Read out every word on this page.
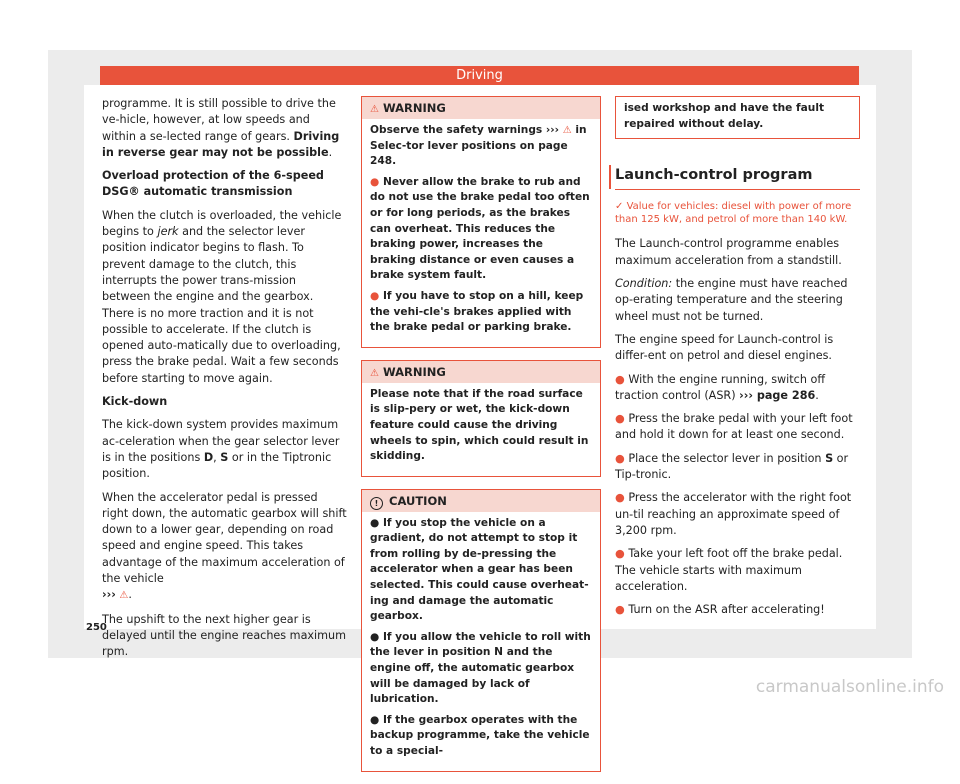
Driving

programme. It is still possible to drive the ve-hicle, however, at low speeds and within a se-lected range of gears. Driving in reverse gear may not be possible.

Overload protection of the 6-speed DSG® automatic transmission

When the clutch is overloaded, the vehicle begins to jerk and the selector lever position indicator begins to flash. To prevent damage to the clutch, this interrupts the power trans-mission between the engine and the gearbox. There is no more traction and it is not possible to accelerate. If the clutch is opened auto-matically due to overloading, press the brake pedal. Wait a few seconds before starting to move again.

Kick-down

The kick-down system provides maximum ac-celeration when the gear selector lever is in the positions D, S or in the Tiptronic position.

When the accelerator pedal is pressed right down, the automatic gearbox will shift down to a lower gear, depending on road speed and engine speed. This takes advantage of the maximum acceleration of the vehicle
››› ⚠.

The upshift to the next higher gear is delayed until the engine reaches maximum rpm.

⚠ WARNING

Observe the safety warnings ››› ⚠ in Selec-tor lever positions on page 248.

● Never allow the brake to rub and do not use the brake pedal too often or for long periods, as the brakes can overheat. This reduces the braking power, increases the braking distance or even causes a brake system fault.

● If you have to stop on a hill, keep the vehi-cle's brakes applied with the brake pedal or parking brake.

⚠ WARNING

Please note that if the road surface is slip-pery or wet, the kick-down feature could cause the driving wheels to spin, which could result in skidding.

! CAUTION

● If you stop the vehicle on a gradient, do not attempt to stop it from rolling by de-pressing the accelerator when a gear has been selected. This could cause overheat-ing and damage the automatic gearbox.

● If you allow the vehicle to roll with the lever in position N and the engine off, the automatic gearbox will be damaged by lack of lubrication.

● If the gearbox operates with the backup programme, take the vehicle to a special-

ised workshop and have the fault repaired without delay.
Launch-control program
✓ Value for vehicles: diesel with power of more than 125 kW, and petrol of more than 140 kW.

The Launch-control programme enables maximum acceleration from a standstill.

Condition: the engine must have reached op-erating temperature and the steering wheel must not be turned.

The engine speed for Launch-control is differ-ent on petrol and diesel engines.

● With the engine running, switch off traction control (ASR) ››› page 286.

● Press the brake pedal with your left foot and hold it down for at least one second.

● Place the selector lever in position S or Tip-tronic.

● Press the accelerator with the right foot un-til reaching an approximate speed of 3,200 rpm.

● Take your left foot off the brake pedal. The vehicle starts with maximum acceleration.

● Turn on the ASR after accelerating!

250
carmanualsonline.info
